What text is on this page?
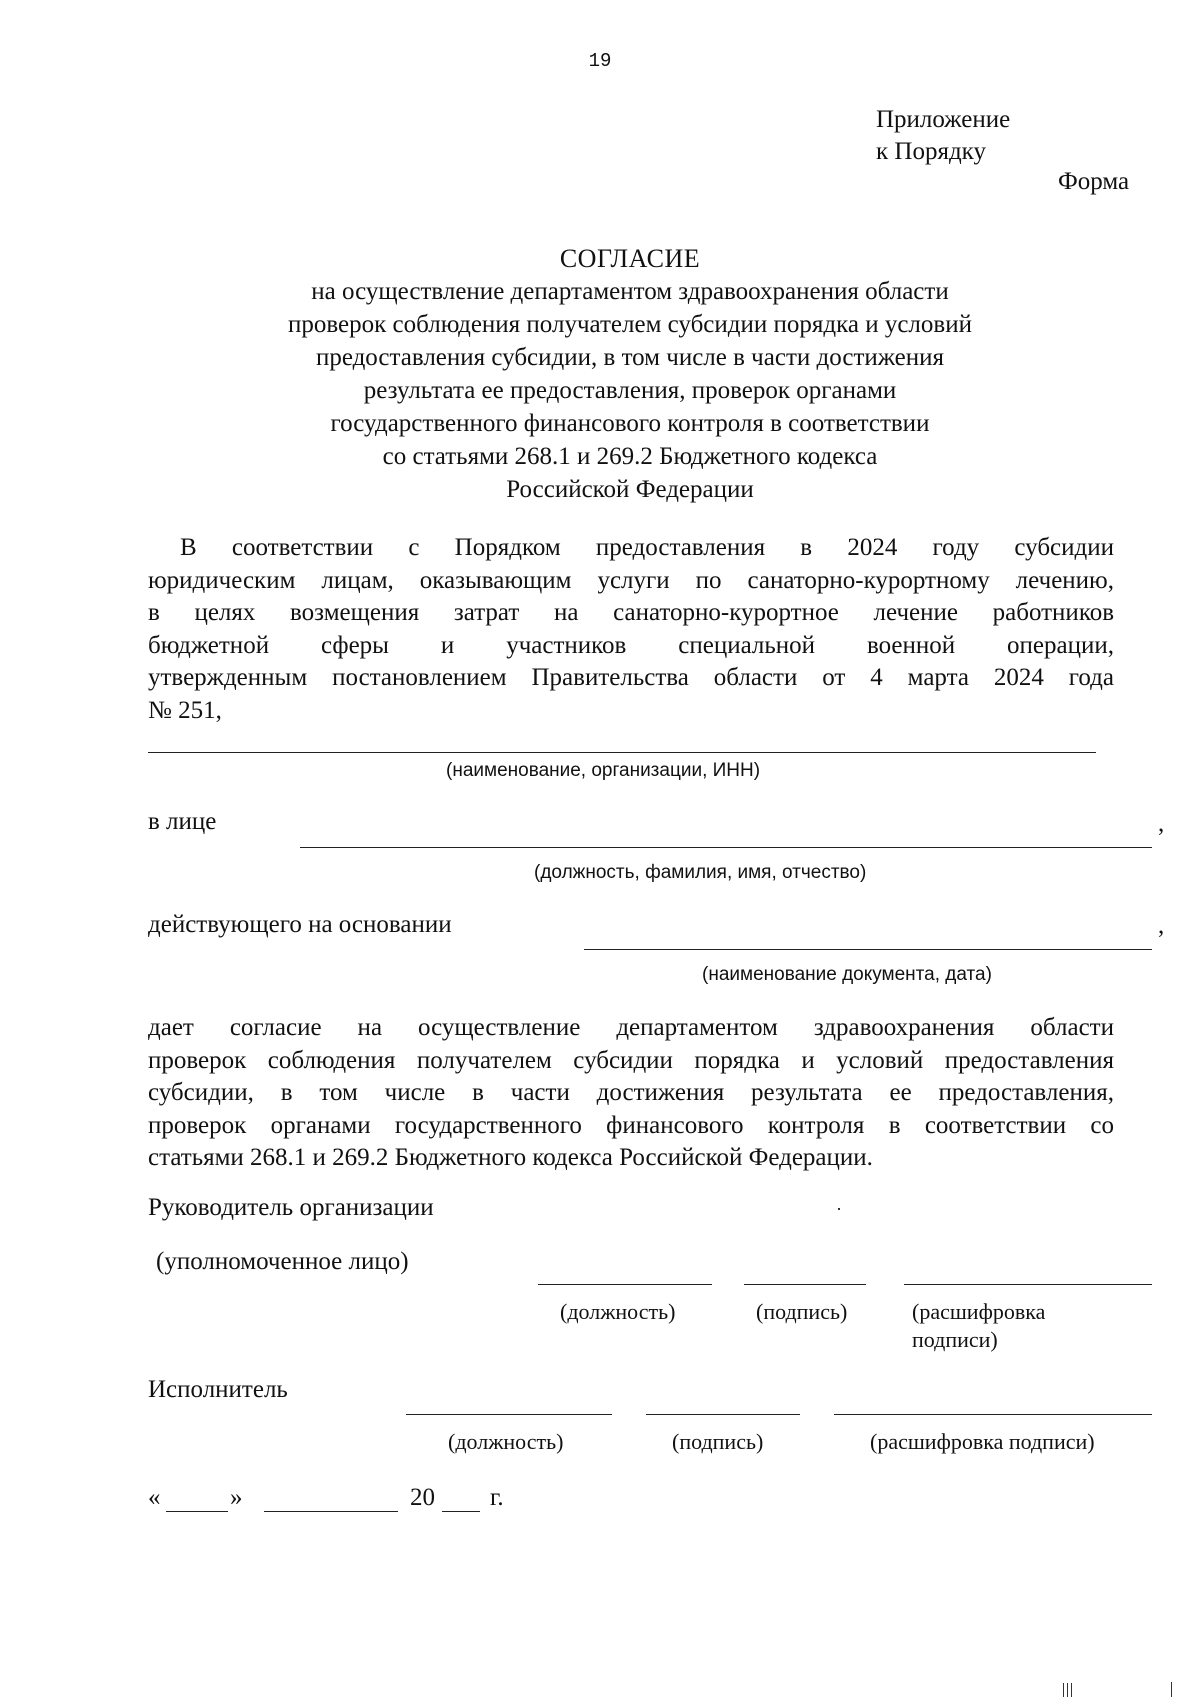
19
Приложение
к Порядку
Форма
СОГЛАСИЕ
на осуществление департаментом здравоохранения области
проверок соблюдения получателем субсидии порядка и условий
предоставления субсидии, в том числе в части достижения
результата ее предоставления, проверок органами
государственного финансового контроля в соответствии
со статьями 268.1 и 269.2 Бюджетного кодекса
Российской Федерации
В соответствии с Порядком предоставления в 2024 году субсидии
юридическим лицам, оказывающим услуги по санаторно-курортному лечению,
в целях возмещения затрат на санаторно-курортное лечение работников
бюджетной сферы и участников специальной военной операции,
утвержденным постановлением Правительства области от 4 марта 2024 года
№ 251,
(наименование, организации, ИНН)
в лице	,
(должность, фамилия, имя, отчество)
действующего на основании	,
(наименование документа, дата)
дает согласие на осуществление департаментом здравоохранения области
проверок соблюдения получателем субсидии порядка и условий предоставления
субсидии, в том числе в части достижения результата ее предоставления,
проверок органами государственного финансового контроля в соответствии со
статьями 268.1 и 269.2 Бюджетного кодекса Российской Федерации.
Руководитель организации
(уполномоченное лицо)
(должность)	(подпись)	(расшифровка
подписи)
Исполнитель
(должность)	(подпись)	(расшифровка подписи)
«	»	20 г.
